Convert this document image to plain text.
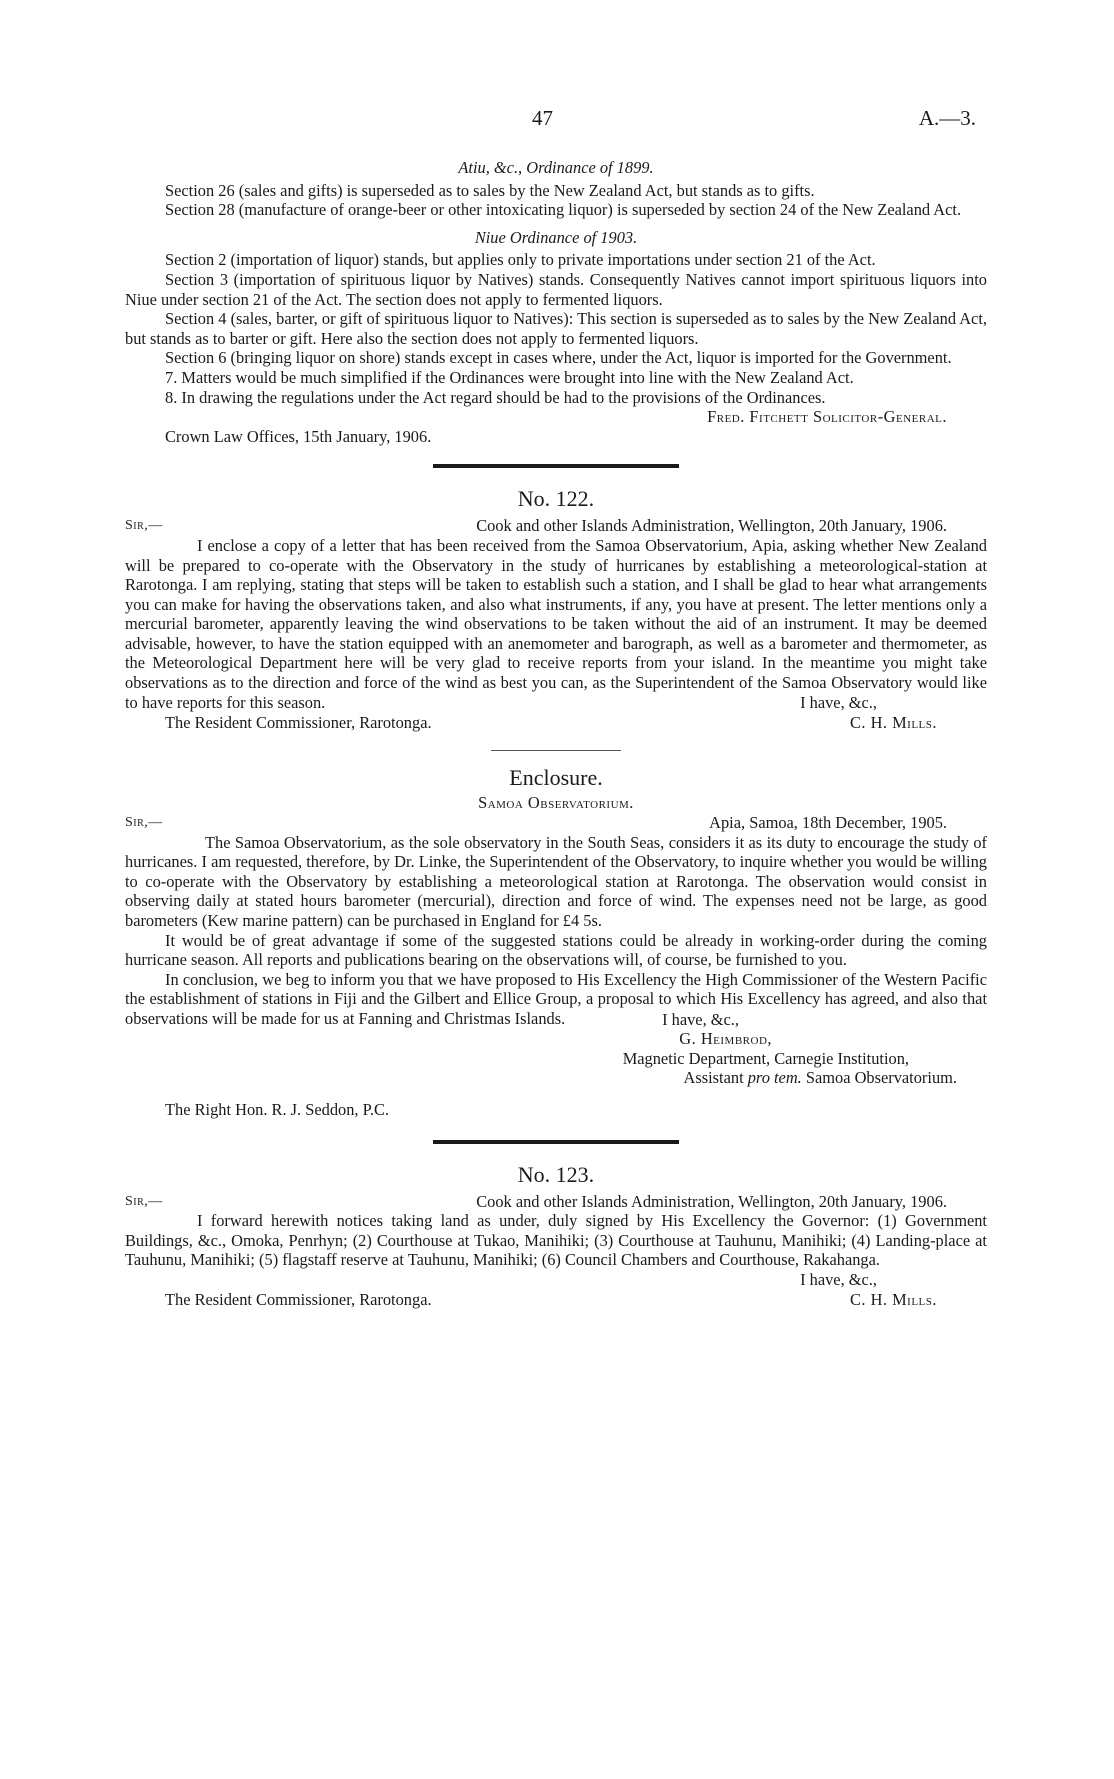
47	A.—3.
Atiu, &c., Ordinance of 1899.

Section 26 (sales and gifts) is superseded as to sales by the New Zealand Act, but stands as to gifts.

Section 28 (manufacture of orange-beer or other intoxicating liquor) is superseded by section 24 of the New Zealand Act.

Niue Ordinance of 1903.

Section 2 (importation of liquor) stands, but applies only to private importations under section 21 of the Act.

Section 3 (importation of spirituous liquor by Natives) stands. Consequently Natives cannot import spirituous liquors into Niue under section 21 of the Act. The section does not apply to fermented liquors.

Section 4 (sales, barter, or gift of spirituous liquor to Natives): This section is superseded as to sales by the New Zealand Act, but stands as to barter or gift. Here also the section does not apply to fermented liquors.

Section 6 (bringing liquor on shore) stands except in cases where, under the Act, liquor is imported for the Government.

7. Matters would be much simplified if the Ordinances were brought into line with the New Zealand Act.

8. In drawing the regulations under the Act regard should be had to the provisions of the Ordinances.

Fred. Fitchett Solicitor-General.

Crown Law Offices, 15th January, 1906.

No. 122.
Sir,—	Cook and other Islands Administration, Wellington, 20th January, 1906.

I enclose a copy of a letter that has been received from the Samoa Observatorium, Apia, asking whether New Zealand will be prepared to co-operate with the Observatory in the study of hurricanes by establishing a meteorological-station at Rarotonga. I am replying, stating that steps will be taken to establish such a station, and I shall be glad to hear what arrangements you can make for having the observations taken, and also what instruments, if any, you have at present. The letter mentions only a mercurial barometer, apparently leaving the wind observations to be taken without the aid of an instrument. It may be deemed advisable, however, to have the station equipped with an anemometer and barograph, as well as a barometer and thermometer, as the Meteorological Department here will be very glad to receive reports from your island. In the meantime you might take observations as to the direction and force of the wind as best you can, as the Superintendent of the Samoa Observatory would like to have reports for this season.	I have, &c.,
The Resident Commissioner, Rarotonga.	C. H. Mills.
Enclosure.
Samoa Observatorium.
Sir,—	Apia, Samoa, 18th December, 1905.

The Samoa Observatorium, as the sole observatory in the South Seas, considers it as its duty to encourage the study of hurricanes. I am requested, therefore, by Dr. Linke, the Superintendent of the Observatory, to inquire whether you would be willing to co-operate with the Observatory by establishing a meteorological station at Rarotonga. The observation would consist in observing daily at stated hours barometer (mercurial), direction and force of wind. The expenses need not be large, as good barometers (Kew marine pattern) can be purchased in England for £4 5s.

It would be of great advantage if some of the suggested stations could be already in working-order during the coming hurricane season. All reports and publications bearing on the observations will, of course, be furnished to you.

In conclusion, we beg to inform you that we have proposed to His Excellency the High Commissioner of the Western Pacific the establishment of stations in Fiji and the Gilbert and Ellice Group, a proposal to which His Excellency has agreed, and also that observations will be made for us at Fanning and Christmas Islands.	I have, &c.,
G. Heimbrod,
Magnetic Department, Carnegie Institution,
Assistant pro tem. Samoa Observatorium.
The Right Hon. R. J. Seddon, P.C.
No. 123.
Sir,—	Cook and other Islands Administration, Wellington, 20th January, 1906.

I forward herewith notices taking land as under, duly signed by His Excellency the Governor: (1) Government Buildings, &c., Omoka, Penrhyn; (2) Courthouse at Tukao, Manihiki; (3) Courthouse at Tauhunu, Manihiki; (4) Landing-place at Tauhunu, Manihiki; (5) flagstaff reserve at Tauhunu, Manihiki; (6) Council Chambers and Courthouse, Rakahanga.

I have, &c.,
The Resident Commissioner, Rarotonga.	C. H. Mills.
